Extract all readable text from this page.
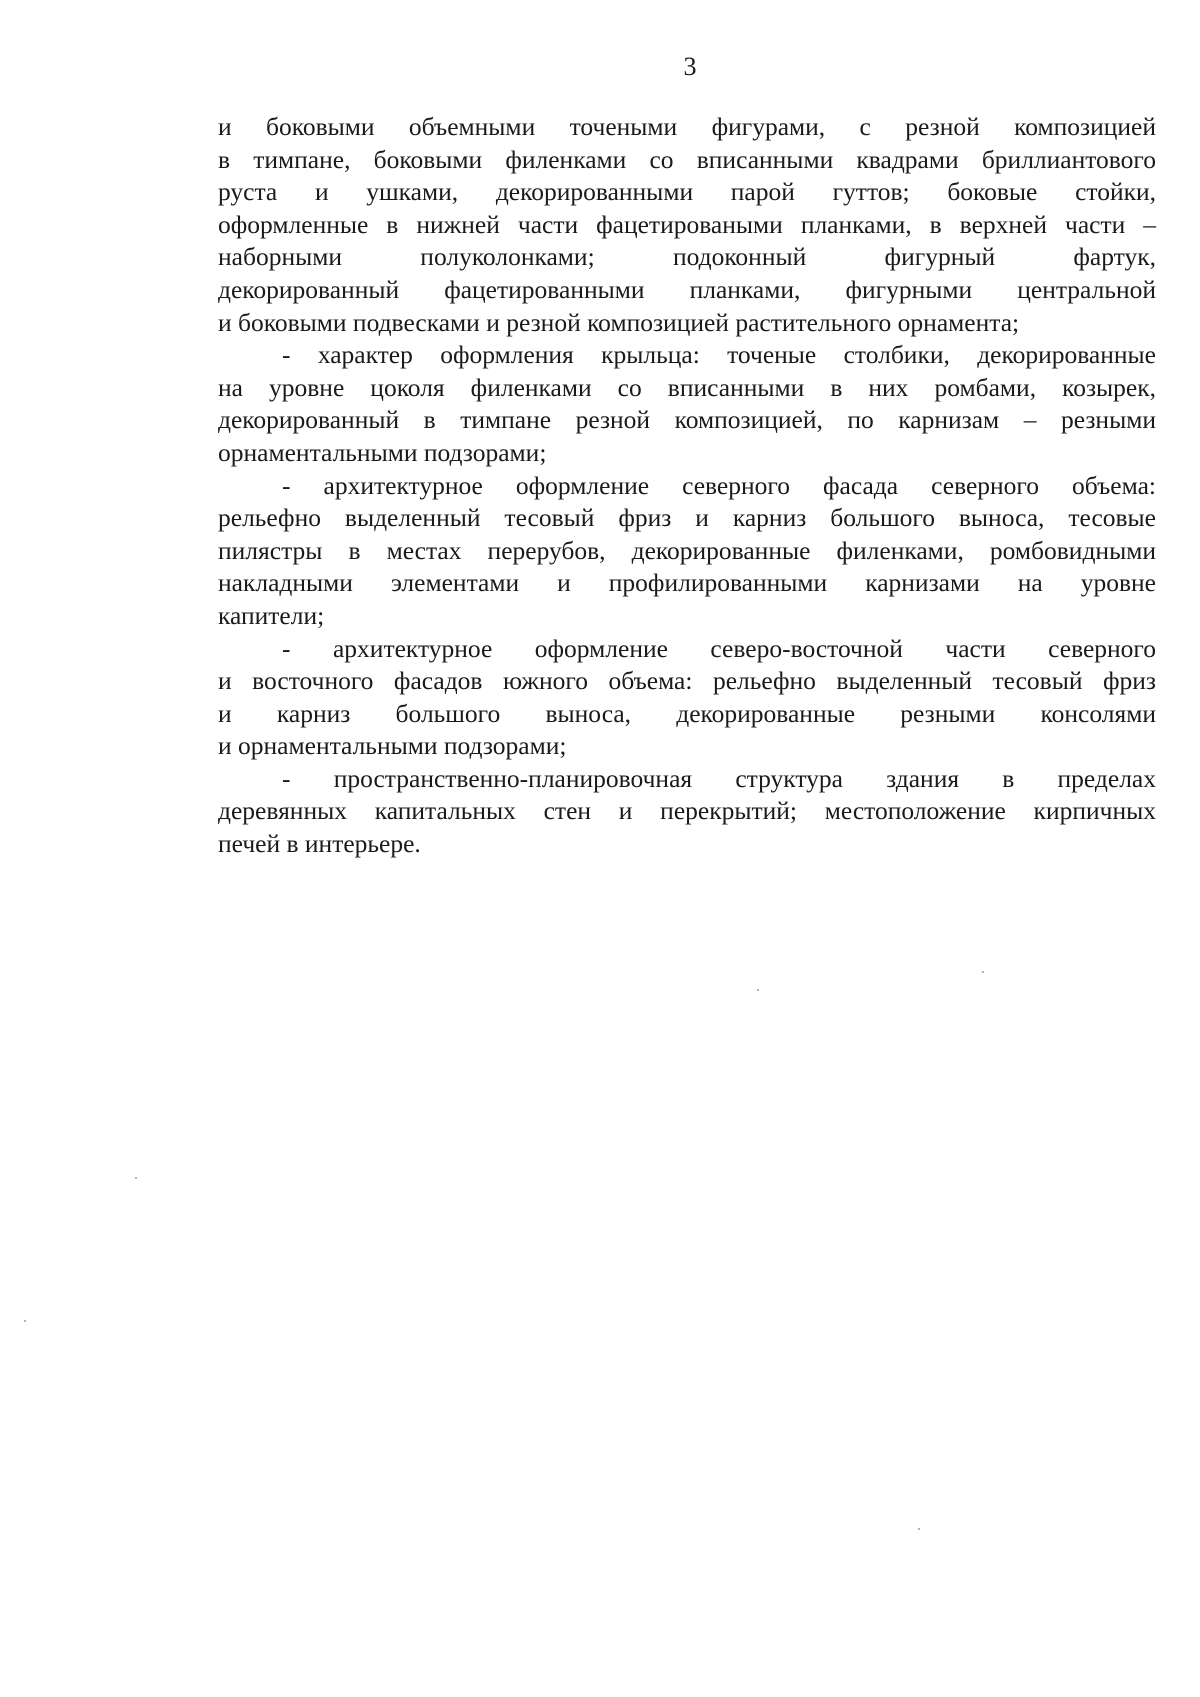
3
и боковыми объемными точеными фигурами, с резной композицией
в тимпане, боковыми филенками со вписанными квадрами бриллиантового
руста и ушками, декорированными парой гуттов; боковые стойки,
оформленные в нижней части фацетироваными планками, в верхней части –
наборными полуколонками; подоконный фигурный фартук,
декорированный фацетированными планками, фигурными центральной
и боковыми подвесками и резной композицией растительного орнамента;
- характер оформления крыльца: точеные столбики, декорированные
на уровне цоколя филенками со вписанными в них ромбами, козырек,
декорированный в тимпане резной композицией, по карнизам – резными
орнаментальными подзорами;
- архитектурное оформление северного фасада северного объема:
рельефно выделенный тесовый фриз и карниз большого выноса, тесовые
пилястры в местах перерубов, декорированные филенками, ромбовидными
накладными элементами и профилированными карнизами на уровне
капители;
- архитектурное оформление северо-восточной части северного
и восточного фасадов южного объема: рельефно выделенный тесовый фриз
и карниз большого выноса, декорированные резными консолями
и орнаментальными подзорами;
- пространственно-планировочная структура здания в пределах
деревянных капитальных стен и перекрытий; местоположение кирпичных
печей в интерьере.
